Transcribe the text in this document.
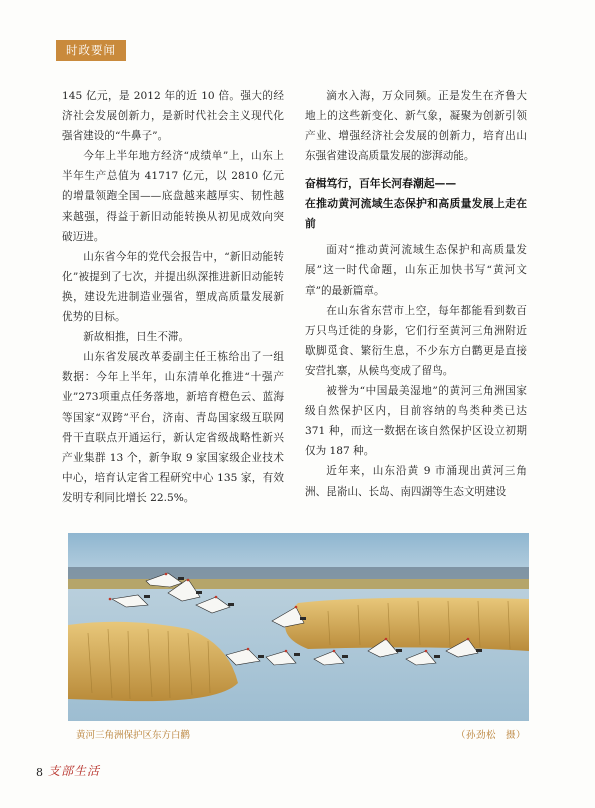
时政要闻

145 亿元，是 2012 年的近 10 倍。强大的经济社会发展创新力，是新时代社会主义现代化强省建设的“牛鼻子”。

今年上半年地方经济“成绩单”上，山东上半年生产总值为 41717 亿元，以 2810 亿元的增量领跑全国——底盘越来越厚实、韧性越来越强，得益于新旧动能转换从初见成效向突破迈进。

山东省今年的党代会报告中，“新旧动能转化”被提到了七次，并提出纵深推进新旧动能转换，建设先进制造业强省，塑成高质量发展新优势的目标。

新故相推，日生不滞。

山东省发展改革委副主任王栋给出了一组数据：今年上半年，山东清单化推进“十强产业”273项重点任务落地，新培育橙色云、蓝海等国家“双跨”平台，济南、青岛国家级互联网骨干直联点开通运行，新认定省级战略性新兴产业集群 13 个，新争取 9 家国家级企业技术中心，培育认定省工程研究中心 135 家，有效发明专利同比增长 22.5%。

滴水入海，万众同频。正是发生在齐鲁大地上的这些新变化、新气象，凝聚为创新引领产业、增强经济社会发展的创新力，培育出山东强省建设高质量发展的澎湃动能。

奋楫笃行，百年长河春潮起——
在推动黄河流域生态保护和高质量发展上走在前

面对“推动黄河流域生态保护和高质量发展”这一时代命题，山东正加快书写“黄河文章”的最新篇章。

在山东省东营市上空，每年都能看到数百万只鸟迁徙的身影，它们行至黄河三角洲附近歇脚觅食、繁衍生息，不少东方白鹳更是直接安营扎寨，从候鸟变成了留鸟。

被誉为“中国最美湿地”的黄河三角洲国家级自然保护区内，目前容纳的鸟类种类已达 371 种，而这一数据在该自然保护区设立初期仅为 187 种。

近年来，山东沿黄 9 市涌现出黄河三角洲、昆嵛山、长岛、南四湖等生态文明建设

黄河三角洲保护区东方白鹳	（孙劲松　摄）
8 支部生活
